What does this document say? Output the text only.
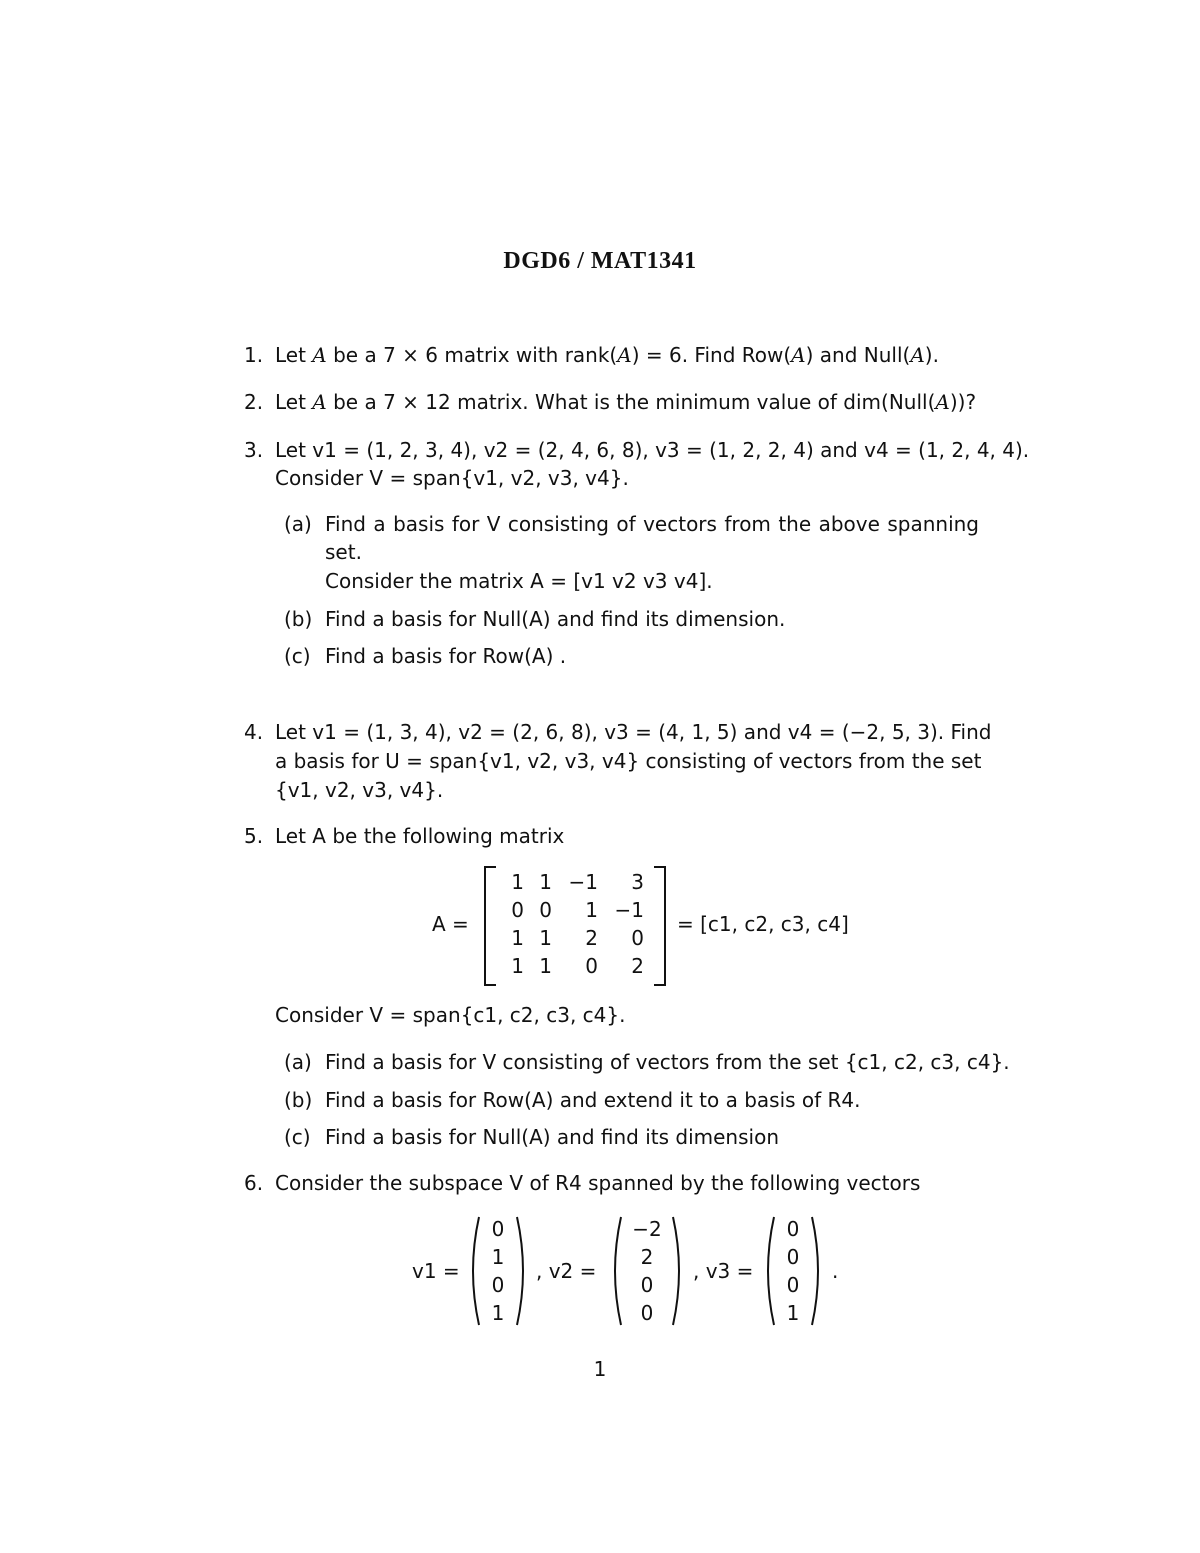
DGD6 / MAT1341
1. Let A be a 7 × 6 matrix with rank(A) = 6. Find Row(A) and Null(A).
2. Let A be a 7 × 12 matrix. What is the minimum value of dim(Null(A))?
3. Let v1 = (1, 2, 3, 4), v2 = (2, 4, 6, 8), v3 = (1, 2, 2, 4) and v4 = (1, 2, 4, 4).
Consider V = span{v1, v2, v3, v4}.
(a) Find a basis for V consisting of vectors from the above spanning
set.
Consider the matrix A = [v1 v2 v3 v4].
(b) Find a basis for Null(A) and find its dimension.
(c) Find a basis for Row(A) .
4. Let v1 = (1, 3, 4), v2 = (2, 6, 8), v3 = (4, 1, 5) and v4 = (−2, 5, 3). Find
a basis for U = span{v1, v2, v3, v4} consisting of vectors from the set
{v1, v2, v3, v4}.
5. Let A be the following matrix
A =
1 1 −1	3
0 0	1 −1
1 1	2	0
1 1	0	2
= [c1, c2, c3, c4]
Consider V = span{c1, c2, c3, c4}.
(a) Find a basis for V consisting of vectors from the set {c1, c2, c3, c4}.
(b) Find a basis for Row(A) and extend it to a basis of R4.
(c) Find a basis for Null(A) and find its dimension
6. Consider the subspace V of R4 spanned by the following vectors
v1 =
0
1
0
1
, v2 =
−2
2
0
0
, v3 =
0
0
0
1
.
1
